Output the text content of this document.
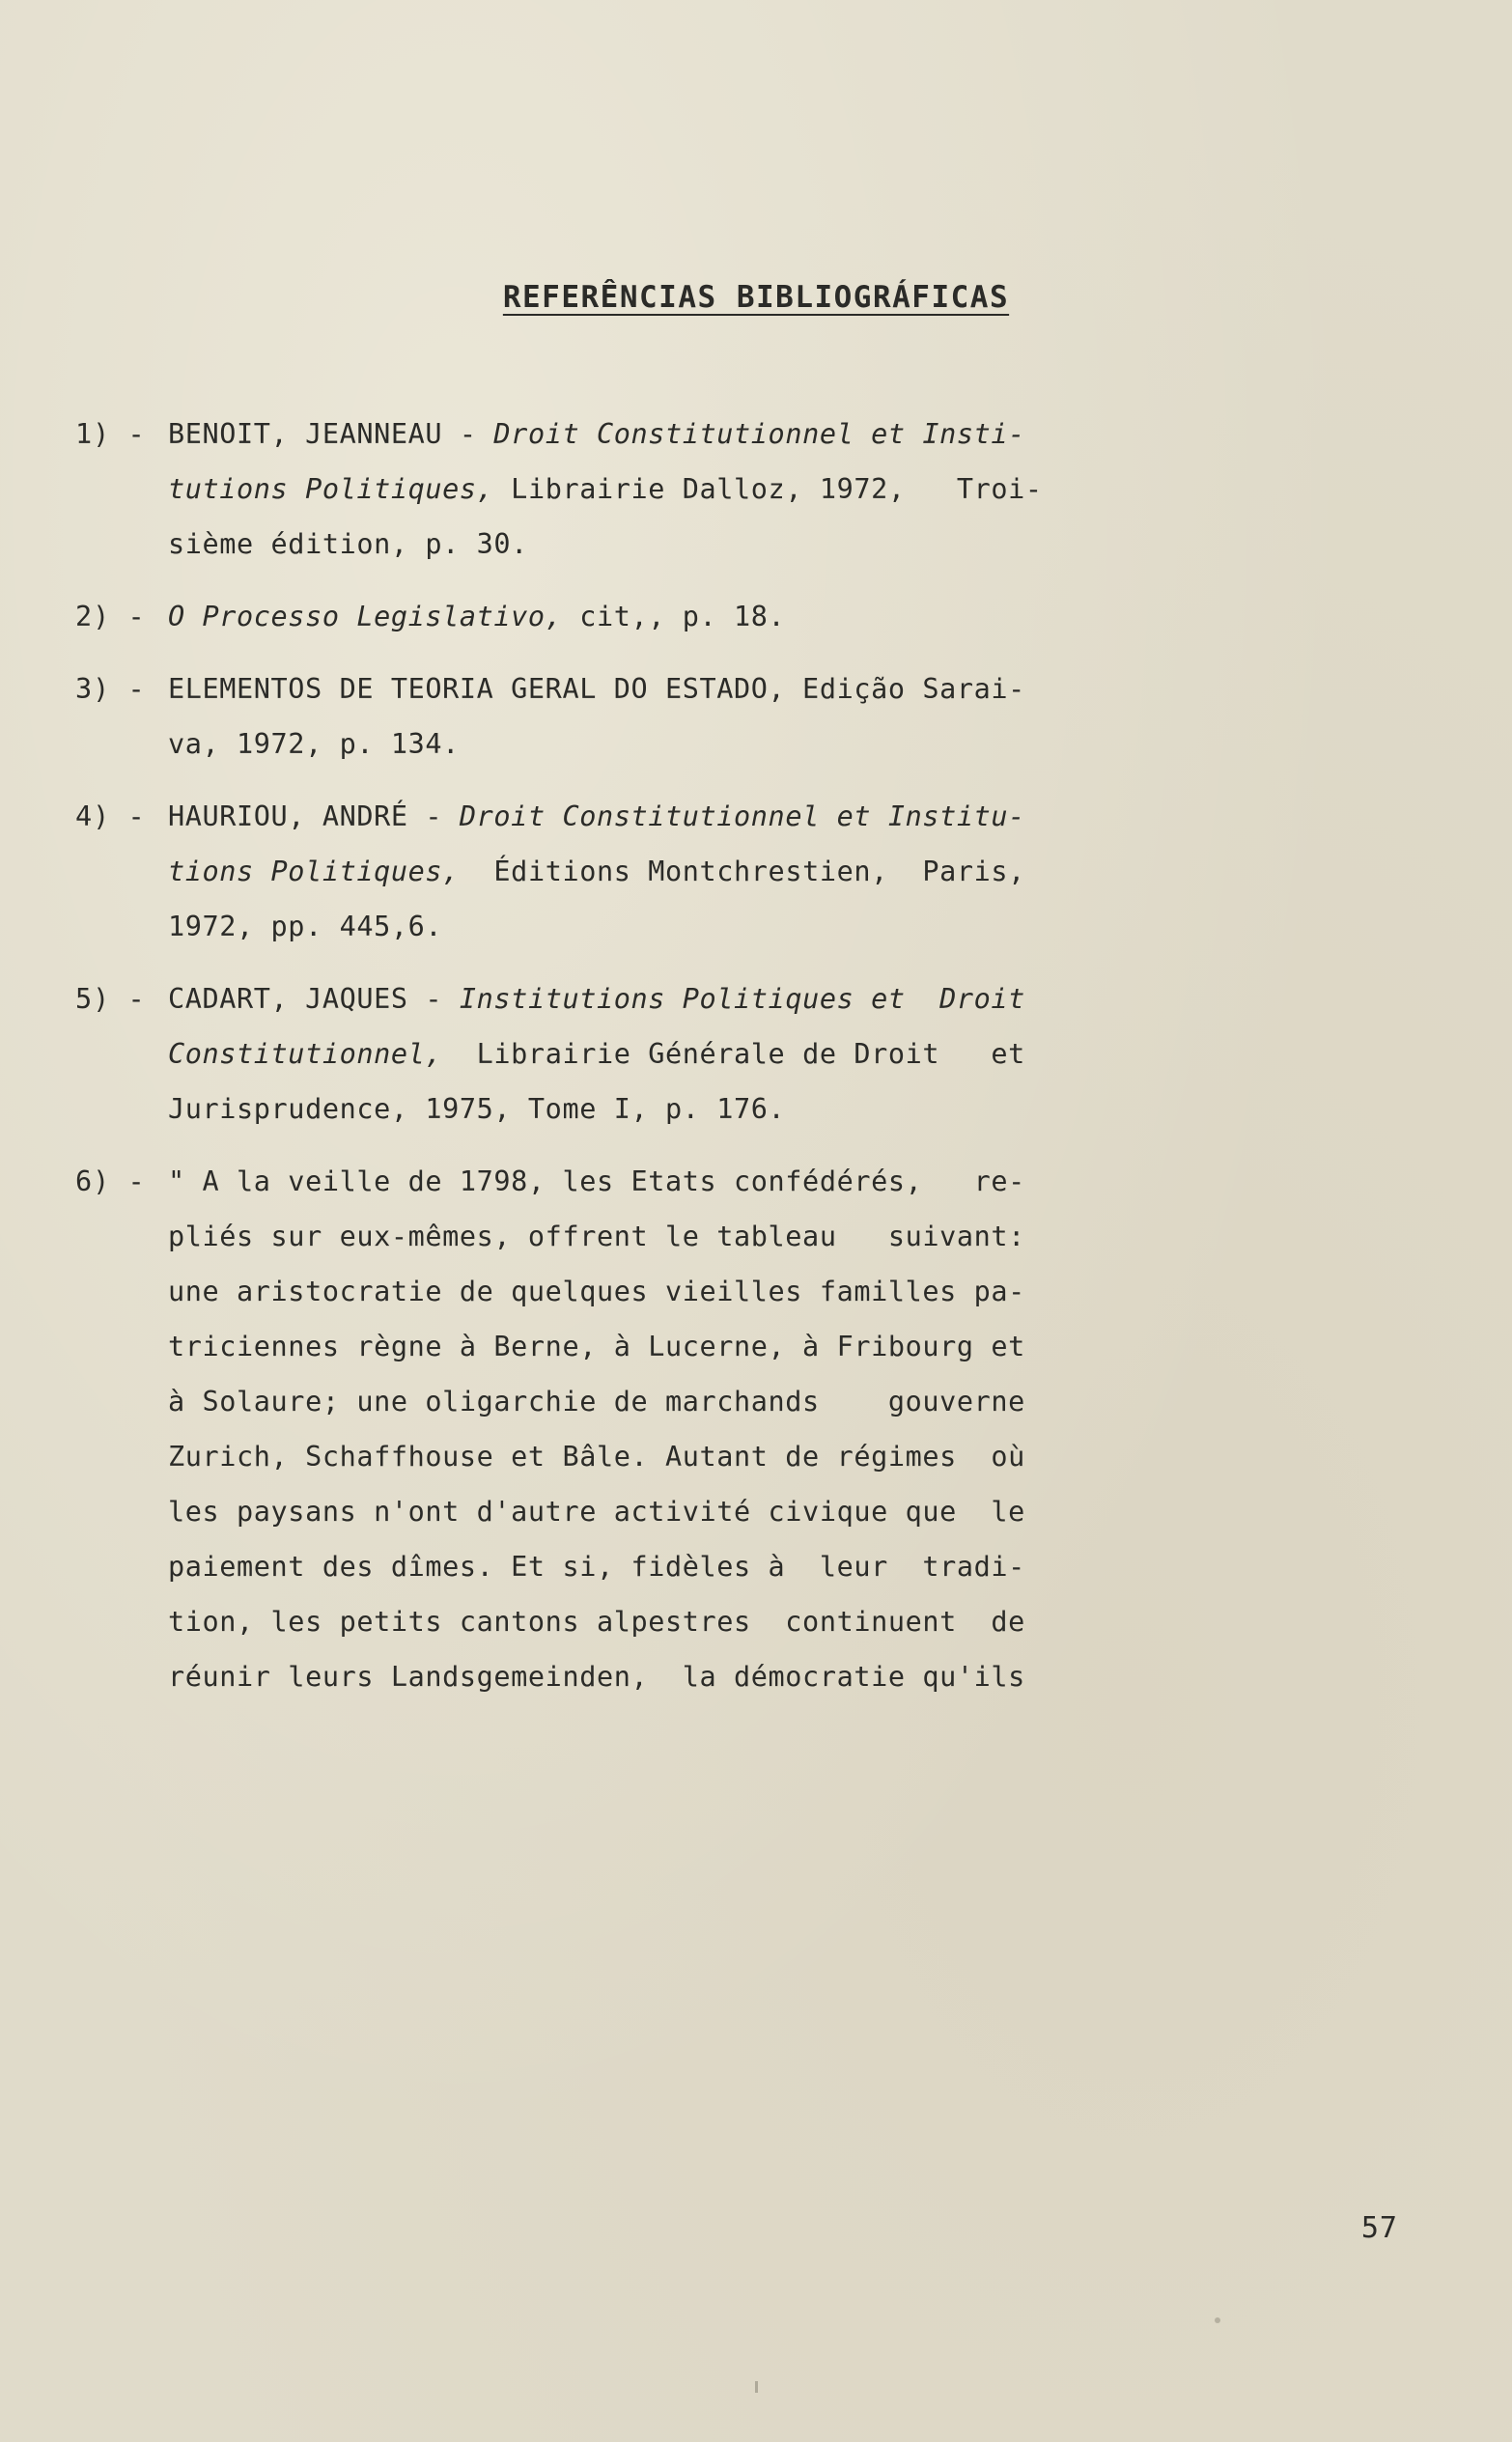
REFERÊNCIAS BIBLIOGRÁFICAS
1) - BENOIT, JEANNEAU - Droit Constitutionnel et Insti-
tutions Politiques, Librairie Dalloz, 1972,   Troi-
sième édition, p. 30.
2) - O Processo Legislativo, cit,, p. 18.
3) - ELEMENTOS DE TEORIA GERAL DO ESTADO, Edição Sarai-
va, 1972, p. 134.
4) - HAURIOU, ANDRÉ - Droit Constitutionnel et Institu-
tions Politiques,  Éditions Montchrestien,  Paris,
1972, pp. 445,6.
5) - CADART, JAQUES - Institutions Politiques et  Droit
Constitutionnel,  Librairie Générale de Droit   et
Jurisprudence, 1975, Tome I, p. 176.
6) - " A la veille de 1798, les Etats confédérés,   re-
pliés sur eux-mêmes, offrent le tableau   suivant:
une aristocratie de quelques vieilles familles pa-
triciennes règne à Berne, à Lucerne, à Fribourg et
à Solaure; une oligarchie de marchands    gouverne
Zurich, Schaffhouse et Bâle. Autant de régimes  où
les paysans n'ont d'autre activité civique que  le
paiement des dîmes. Et si, fidèles à  leur  tradi-
tion, les petits cantons alpestres  continuent  de
réunir leurs Landsgemeinden,  la démocratie qu'ils
57
